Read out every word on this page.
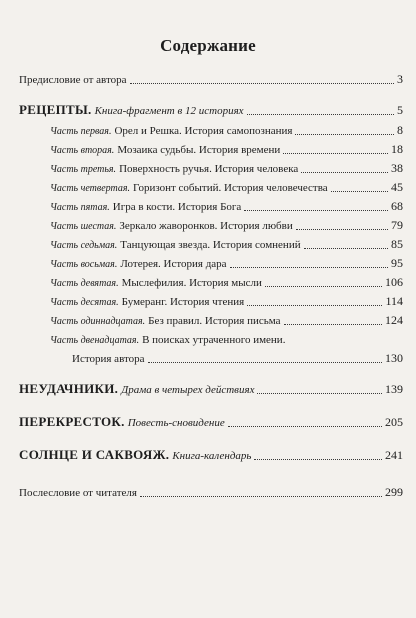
Содержание
Предисловие от автора	3
РЕЦЕПТЫ. Книга-фрагмент в 12 историях	5
Часть первая. Орел и Решка. История самопознания	8
Часть вторая. Мозаика судьбы. История времени	18
Часть третья. Поверхность ручья. История человека	38
Часть четвертая. Горизонт событий. История человечества	45
Часть пятая. Игра в кости. История Бога	68
Часть шестая. Зеркало жаворонков. История любви	79
Часть седьмая. Танцующая звезда. История сомнений	85
Часть восьмая. Лотерея. История дара	95
Часть девятая. Мыслефилия. История мысли	106
Часть десятая. Бумеранг. История чтения	114
Часть одиннадцатая. Без правил. История письма	124
Часть двенадцатая. В поисках утраченного имени.
История автора	130
НЕУДАЧНИКИ. Драма в четырех действиях	139
ПЕРЕКРЕСТОК. Повесть-сновидение	205
СОЛНЦЕ И САКВОЯЖ. Книга-календарь	241
Послесловие от читателя	299
